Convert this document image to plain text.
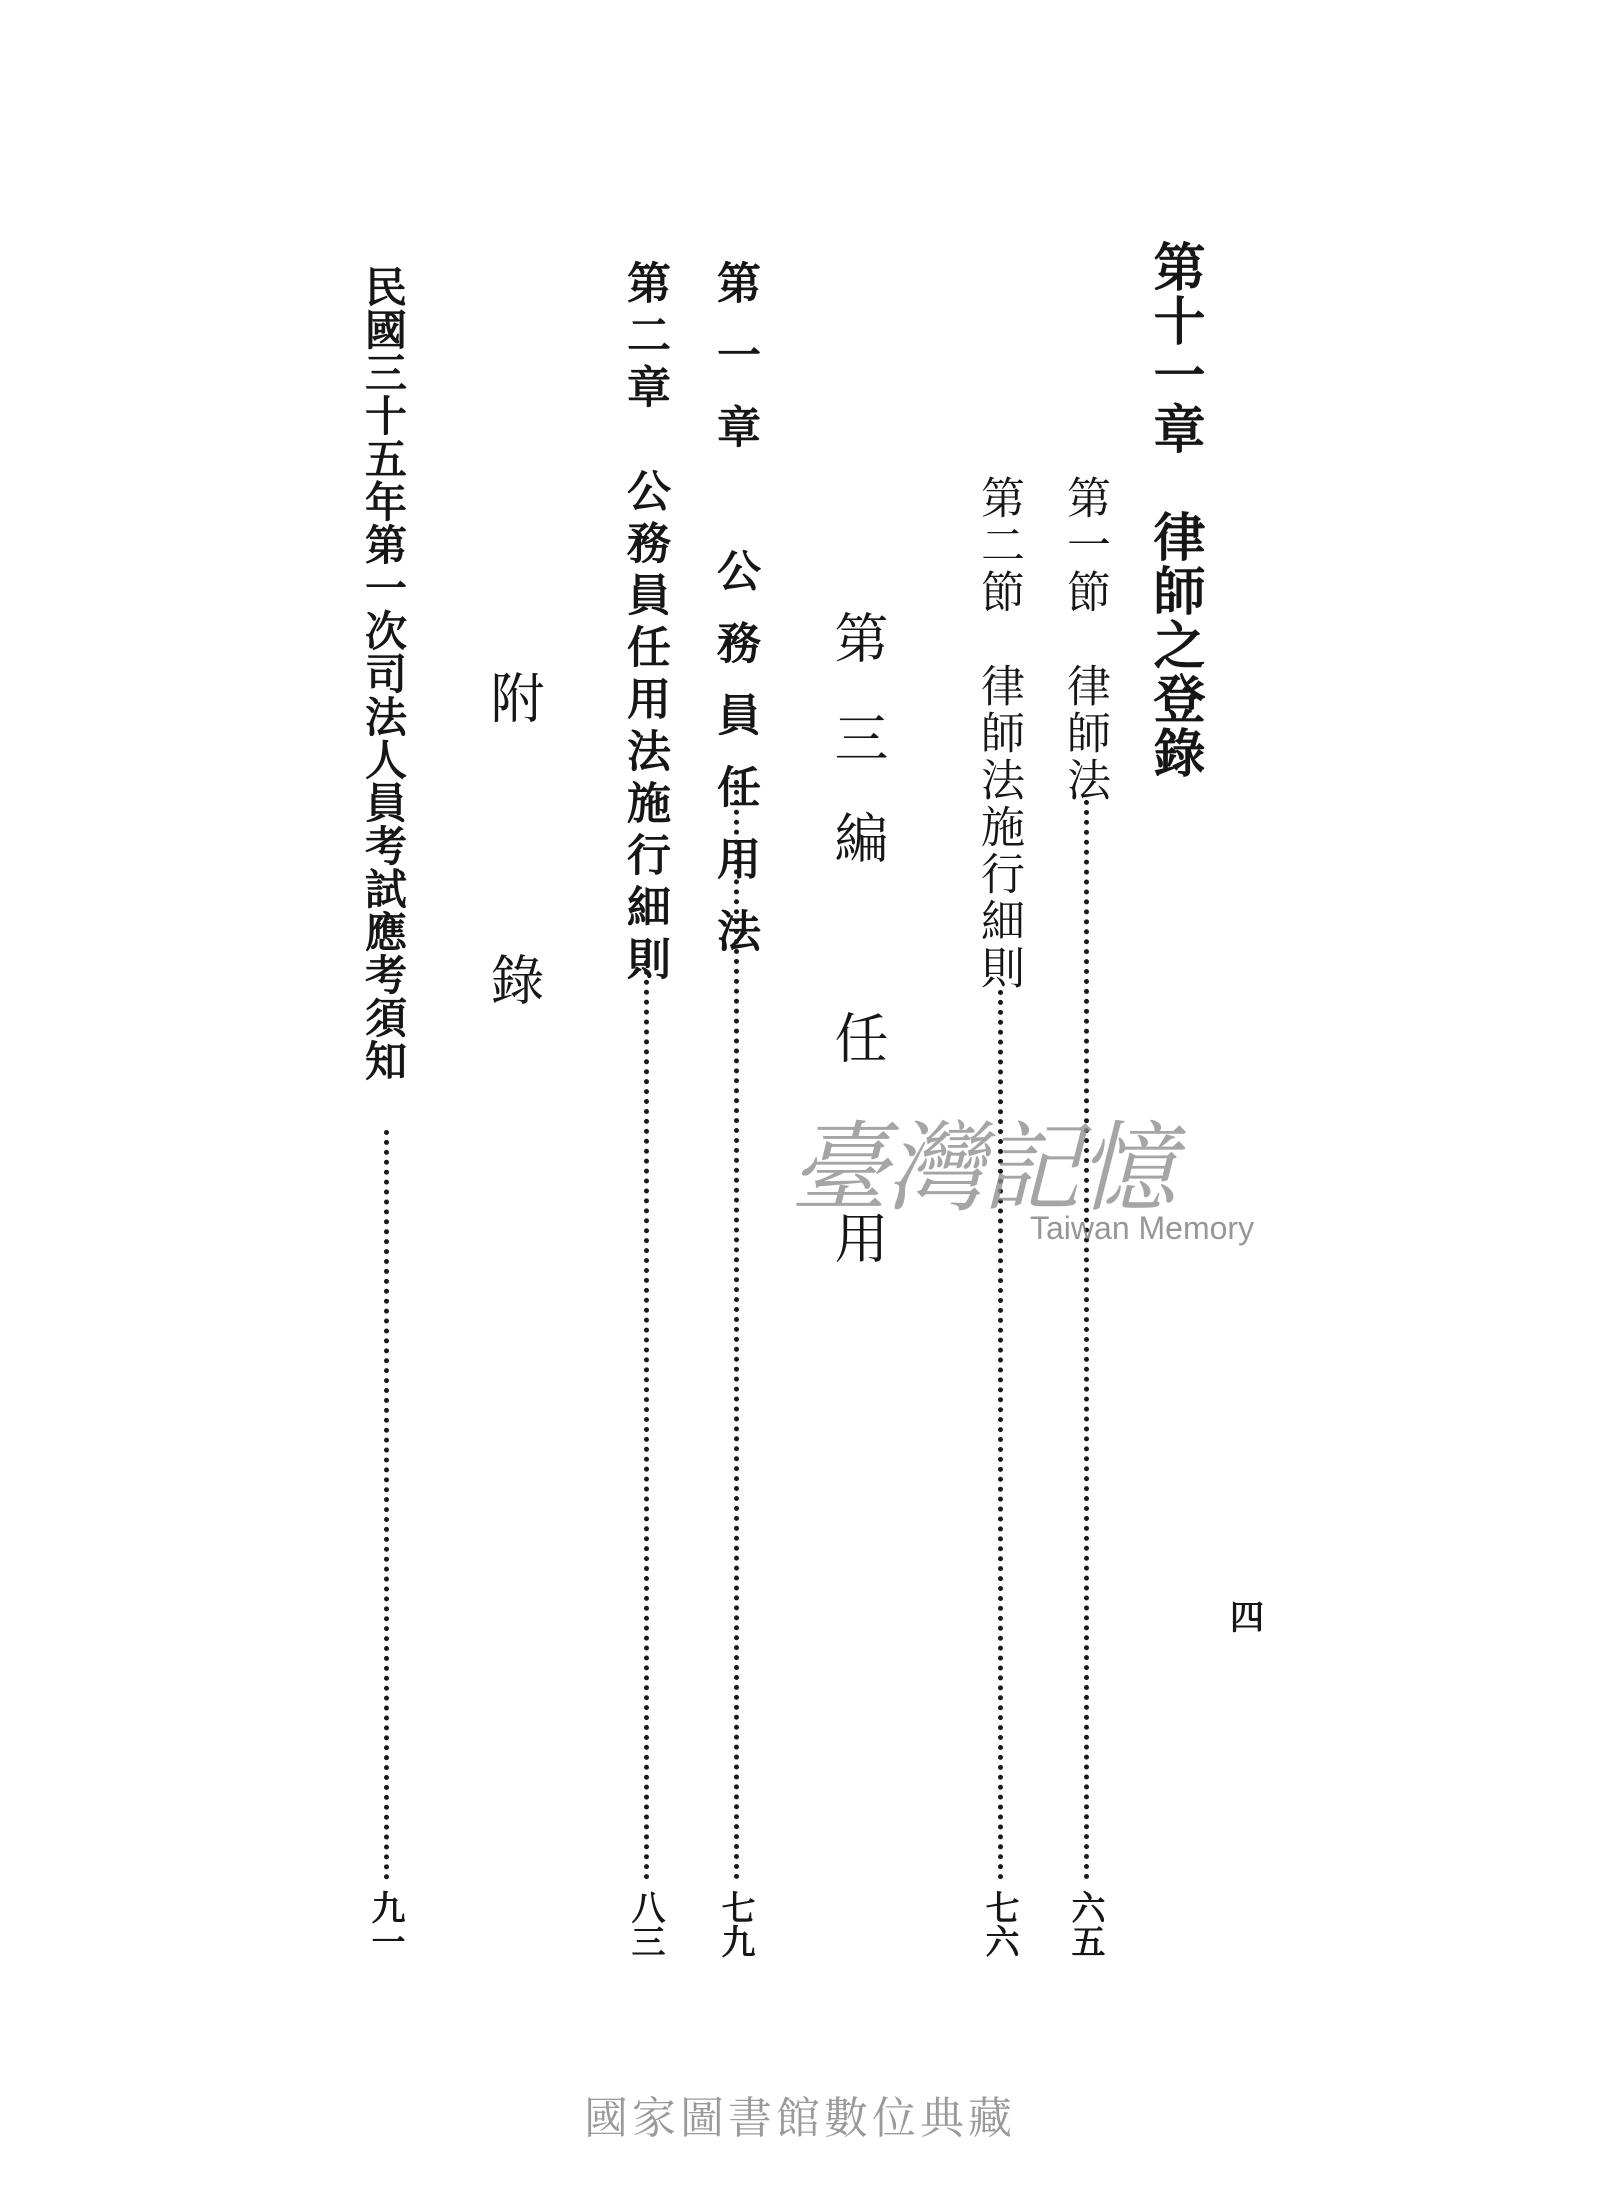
四
第十一章　律師之登錄
第一節　律師法
六五
第二節　律師法施行細則
七六
第三編　任　用
第一章　公務員任用法
七九
第二章　公務員任用法施行細則
八三
附　　錄
民國三十五年第一次司法人員考試應考須知
九一
臺灣記憶
Taiwan Memory
國家圖書館數位典藏
